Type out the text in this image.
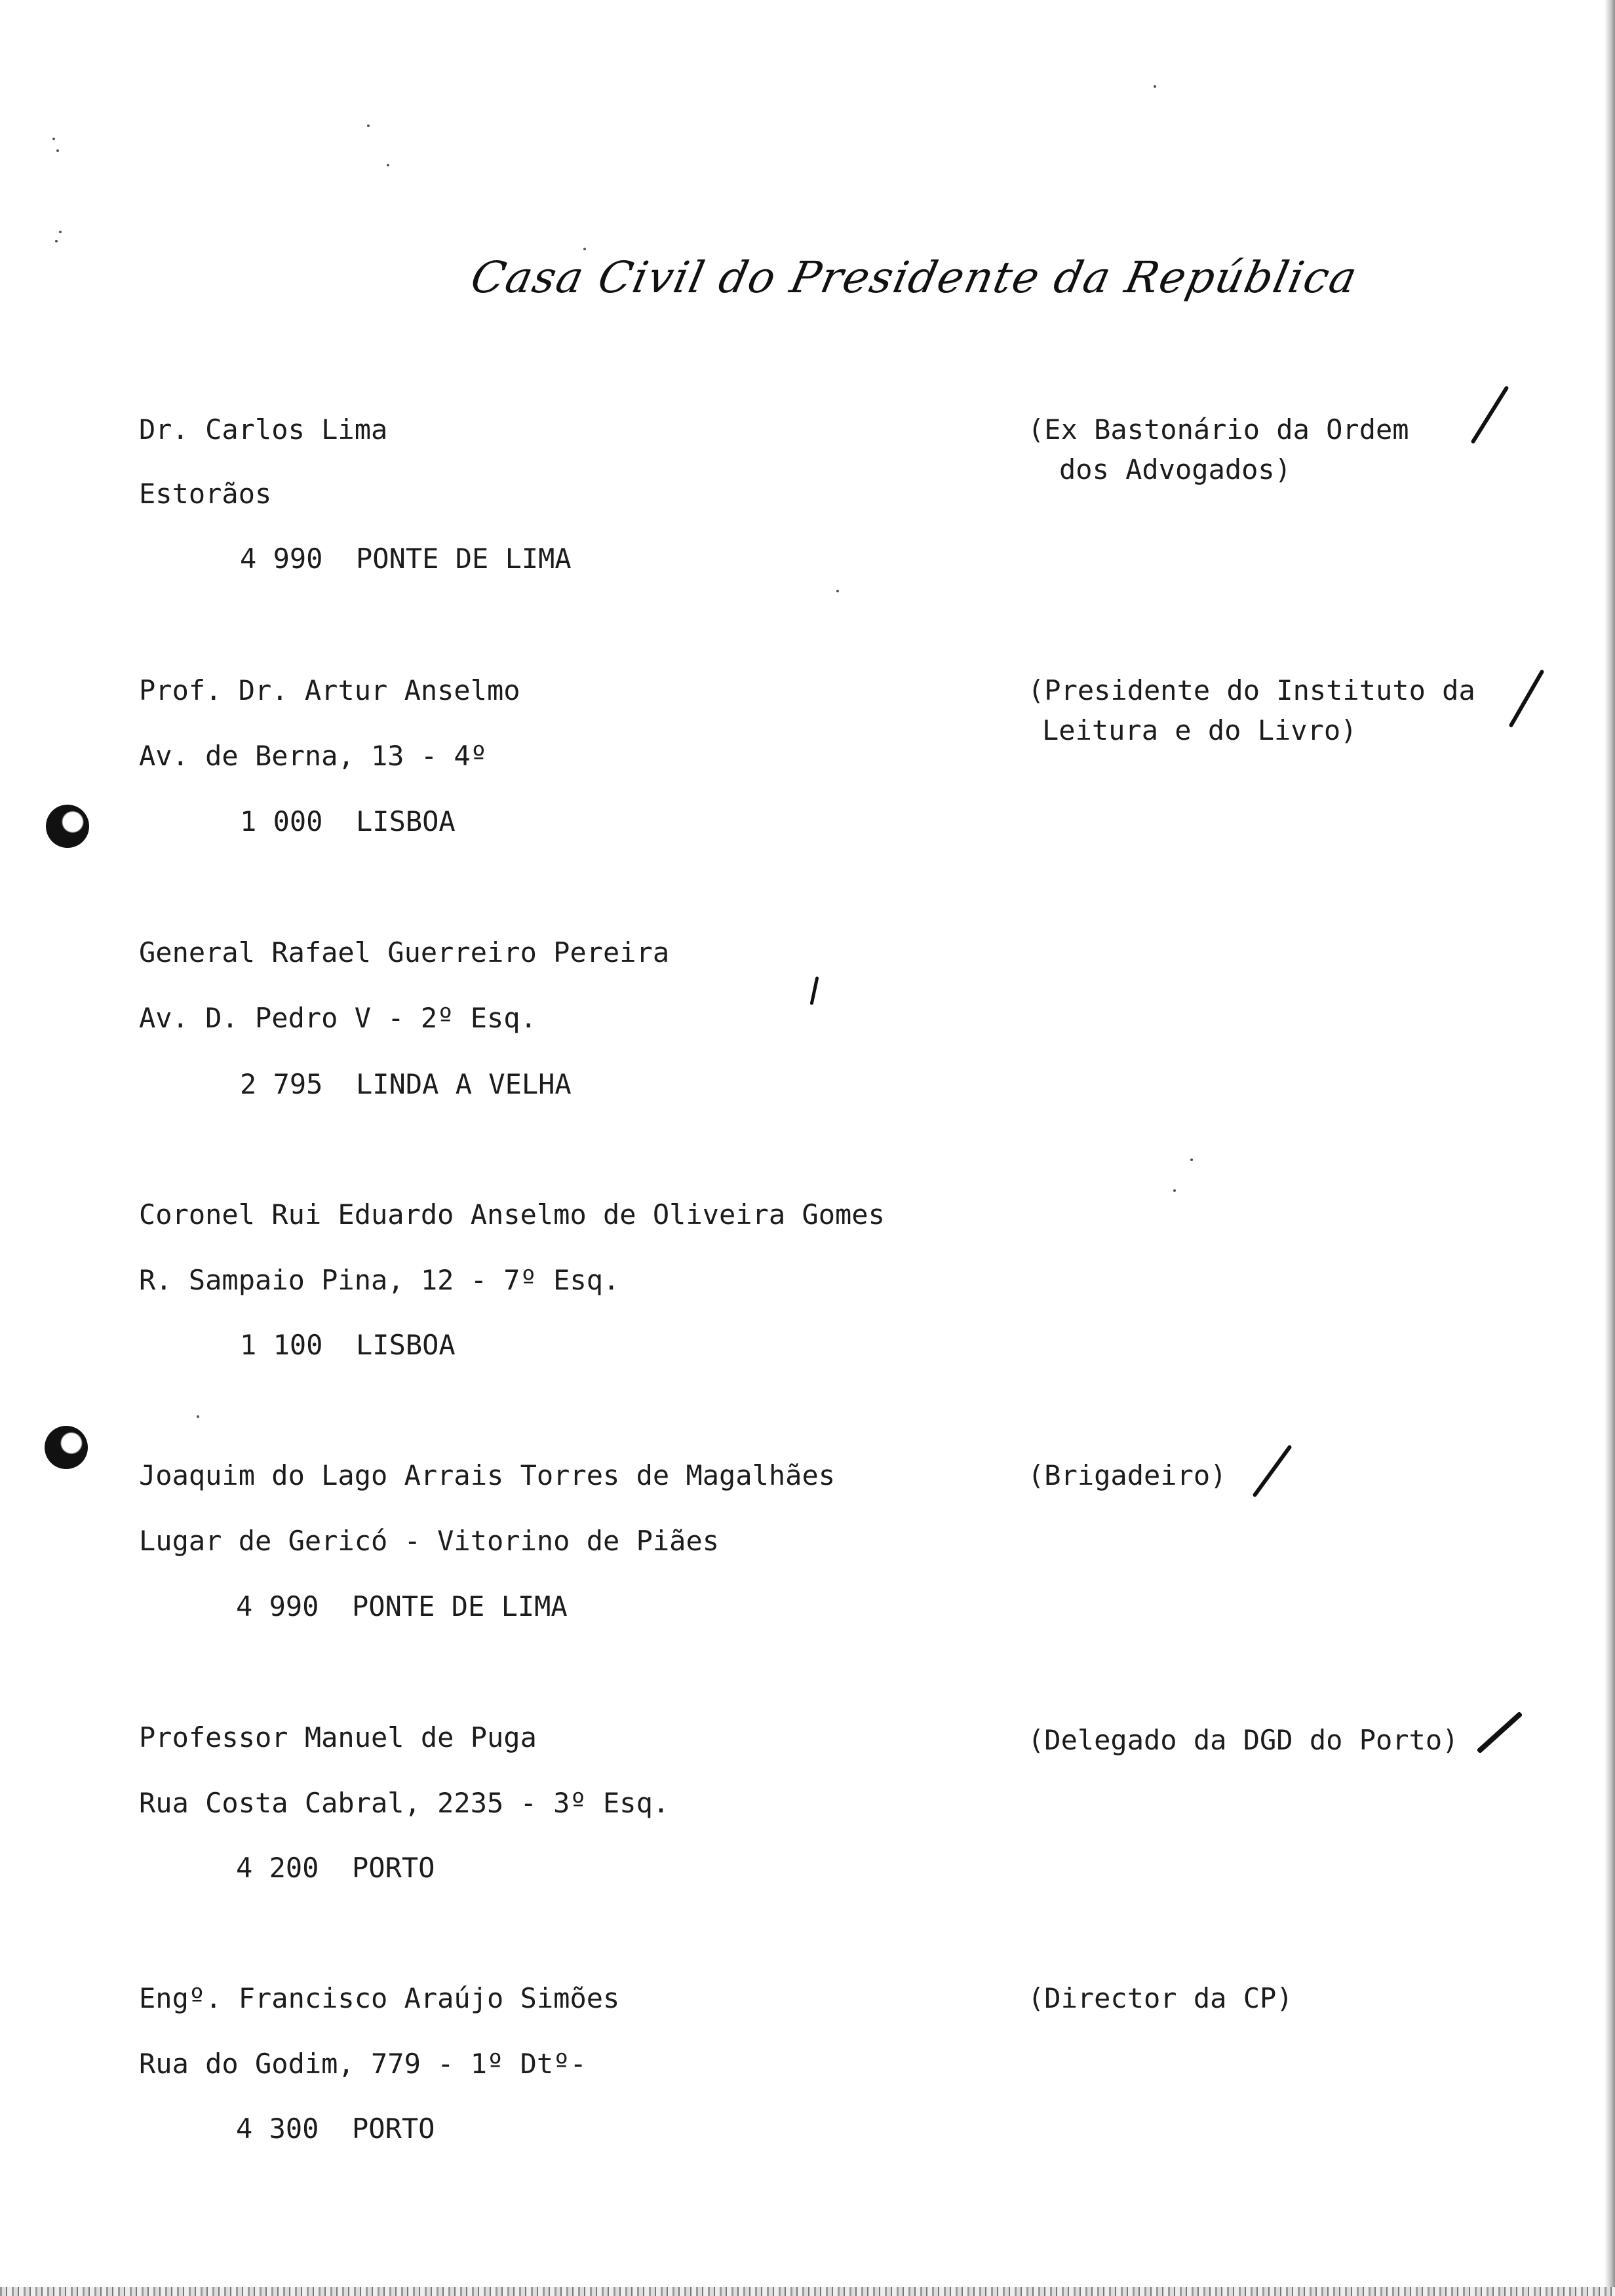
Casa Civil do Presidente da República
Dr. Carlos Lima
Estorãos
4 990  PONTE DE LIMA
(Ex Bastonário da Ordem
dos Advogados)
Prof. Dr. Artur Anselmo
Av. de Berna, 13 - 4º
1 000  LISBOA
(Presidente do Instituto da
Leitura e do Livro)
General Rafael Guerreiro Pereira
Av. D. Pedro V - 2º Esq.
2 795  LINDA A VELHA
Coronel Rui Eduardo Anselmo de Oliveira Gomes
R. Sampaio Pina, 12 - 7º Esq.
1 100  LISBOA
Joaquim do Lago Arrais Torres de Magalhães
Lugar de Gericó - Vitorino de Piães
4 990  PONTE DE LIMA
(Brigadeiro)
Professor Manuel de Puga
Rua Costa Cabral, 2235 - 3º Esq.
4 200  PORTO
(Delegado da DGD do Porto)
Engº. Francisco Araújo Simões
Rua do Godim, 779 - 1º Dtº-
4 300  PORTO
(Director da CP)
